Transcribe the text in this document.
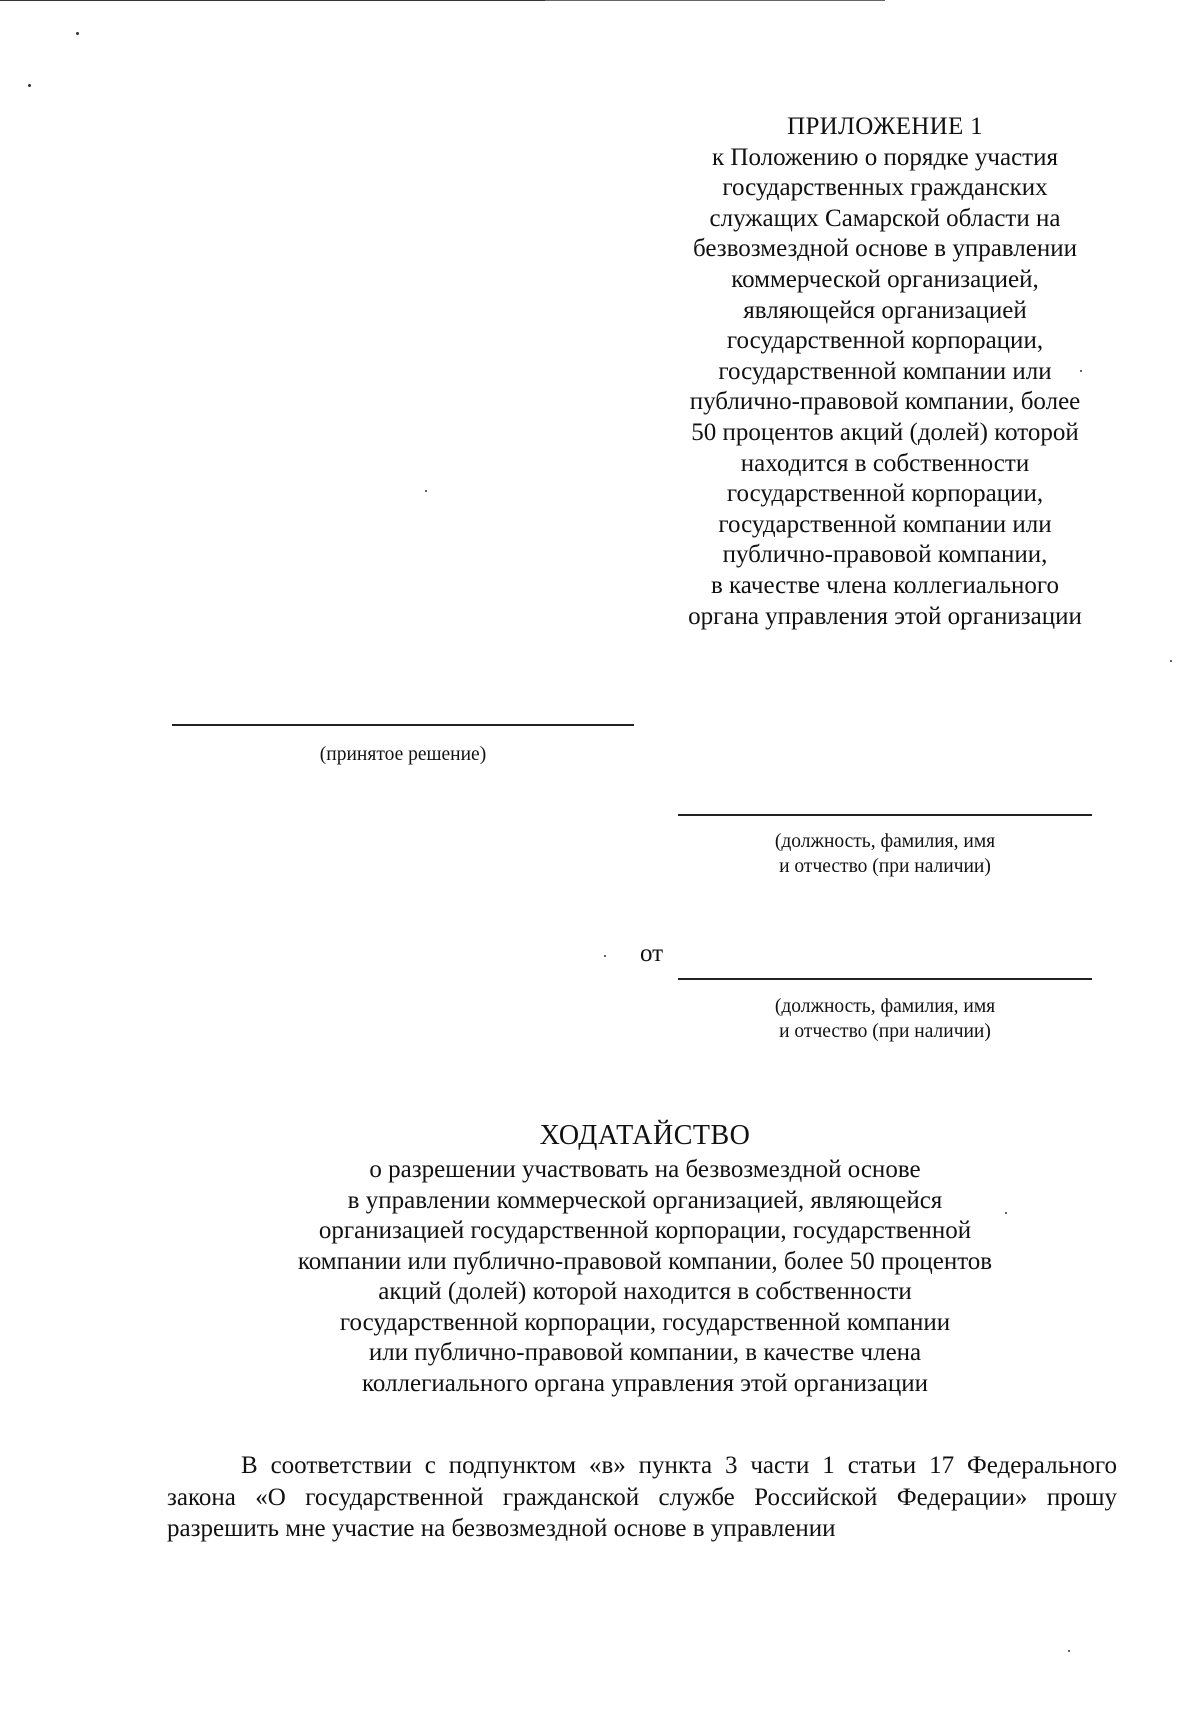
ПРИЛОЖЕНИЕ 1
к Положению о порядке участия
государственных гражданских
служащих Самарской области на
безвозмездной основе в управлении
коммерческой организацией,
являющейся организацией
государственной корпорации,
государственной компании или
публично-правовой компании, более
50 процентов акций (долей) которой
находится в собственности
государственной корпорации,
государственной компании или
публично-правовой компании,
в качестве члена коллегиального
органа управления этой организации
(принятое решение)
(должность, фамилия, имя
и отчество (при наличии)
от
(должность, фамилия, имя
и отчество (при наличии)
ХОДАТАЙСТВО
о разрешении участвовать на безвозмездной основе
в управлении коммерческой организацией, являющейся
организацией государственной корпорации, государственной
компании или публично-правовой компании, более 50 процентов
акций (долей) которой находится в собственности
государственной корпорации, государственной компании
или публично-правовой компании, в качестве члена
коллегиального органа управления этой организации
В соответствии с подпунктом «в» пункта 3 части 1 статьи 17 Федерального закона «О государственной гражданской службе Российской Федерации» прошу разрешить мне участие на безвозмездной основе в управлении
